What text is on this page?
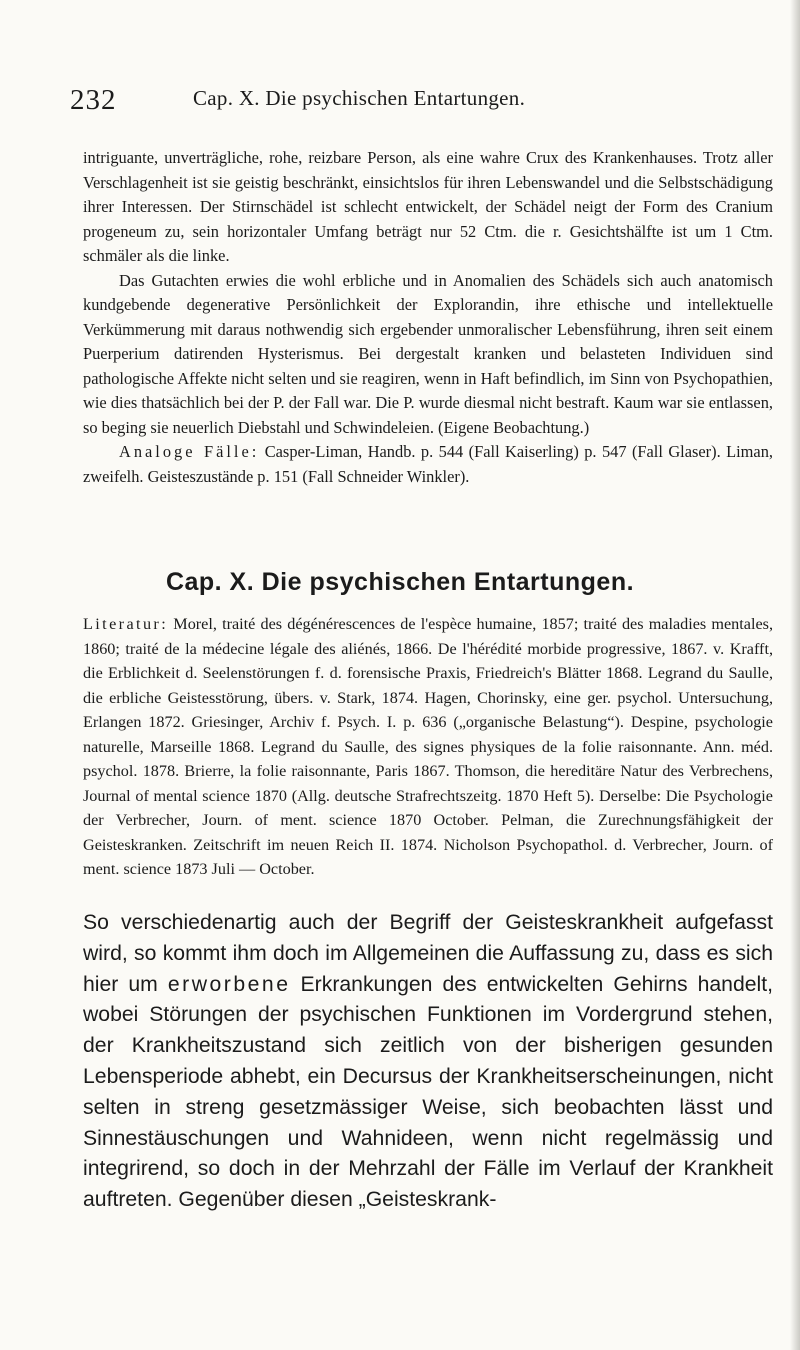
232	Cap. X. Die psychischen Entartungen.

intriguante, unverträgliche, rohe, reizbare Person, als eine wahre Crux des Krankenhauses. Trotz aller Verschlagenheit ist sie geistig beschränkt, einsichtslos für ihren Lebenswandel und die Selbstschädigung ihrer Interessen. Der Stirnschädel ist schlecht entwickelt, der Schädel neigt der Form des Cranium progeneum zu, sein horizontaler Umfang beträgt nur 52 Ctm. die r. Gesichtshälfte ist um 1 Ctm. schmäler als die linke.

Das Gutachten erwies die wohl erbliche und in Anomalien des Schädels sich auch anatomisch kundgebende degenerative Persönlichkeit der Explorandin, ihre ethische und intellektuelle Verkümmerung mit daraus nothwendig sich ergebender unmoralischer Lebensführung, ihren seit einem Puerperium datirenden Hysterismus. Bei dergestalt kranken und belasteten Individuen sind pathologische Affekte nicht selten und sie reagiren, wenn in Haft befindlich, im Sinn von Psychopathien, wie dies thatsächlich bei der P. der Fall war. Die P. wurde diesmal nicht bestraft. Kaum war sie entlassen, so beging sie neuerlich Diebstahl und Schwindeleien. (Eigene Beobachtung.)

Analoge Fälle: Casper-Liman, Handb. p. 544 (Fall Kaiserling) p. 547 (Fall Glaser). Liman, zweifelh. Geisteszustände p. 151 (Fall Schneider Winkler).

Cap. X. Die psychischen Entartungen.

Literatur: Morel, traité des dégénérescences de l'espèce humaine, 1857; traité des maladies mentales, 1860; traité de la médecine légale des aliénés, 1866. De l'hérédité morbide progressive, 1867. v. Krafft, die Erblichkeit d. Seelenstörungen f. d. forensische Praxis, Friedreich's Blätter 1868. Legrand du Saulle, die erbliche Geistesstörung, übers. v. Stark, 1874. Hagen, Chorinsky, eine ger. psychol. Untersuchung, Erlangen 1872. Griesinger, Archiv f. Psych. I. p. 636 („organische Belastung“). Despine, psychologie naturelle, Marseille 1868. Legrand du Saulle, des signes physiques de la folie raisonnante. Ann. méd. psychol. 1878. Brierre, la folie raisonnante, Paris 1867. Thomson, die hereditäre Natur des Verbrechens, Journal of mental science 1870 (Allg. deutsche Strafrechtszeitg. 1870 Heft 5). Derselbe: Die Psychologie der Verbrecher, Journ. of ment. science 1870 October. Pelman, die Zurechnungsfähigkeit der Geisteskranken. Zeitschrift im neuen Reich II. 1874. Nicholson Psychopathol. d. Verbrecher, Journ. of ment. science 1873 Juli — October.

So verschiedenartig auch der Begriff der Geisteskrankheit aufgefasst wird, so kommt ihm doch im Allgemeinen die Auffassung zu, dass es sich hier um erworbene Erkrankungen des entwickelten Gehirns handelt, wobei Störungen der psychischen Funktionen im Vordergrund stehen, der Krankheitszustand sich zeitlich von der bisherigen gesunden Lebensperiode abhebt, ein Decursus der Krankheitserscheinungen, nicht selten in streng gesetzmässiger Weise, sich beobachten lässt und Sinnestäuschungen und Wahnideen, wenn nicht regelmässig und integrirend, so doch in der Mehrzahl der Fälle im Verlauf der Krankheit auftreten. Gegenüber diesen „Geisteskrank-
